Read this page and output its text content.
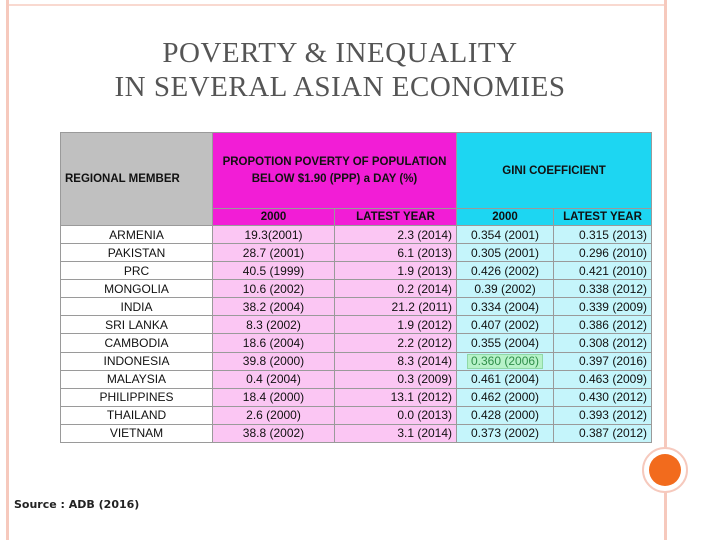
POVERTY & INEQUALITY
IN SEVERAL ASIAN ECONOMIES
REGIONAL MEMBER	PROPOTION POVERTY OF POPULATION
BELOW $1.90 (PPP) a DAY (%)		GINI COEFFICIENT	
	2000	LATEST YEAR	2000	LATEST YEAR
ARMENIA	19.3(2001)	2.3 (2014)	0.354 (2001)	0.315 (2013)
PAKISTAN	28.7 (2001)	6.1 (2013)	0.305 (2001)	0.296 (2010)
PRC	40.5 (1999)	1.9 (2013)	0.426 (2002)	0.421 (2010)
MONGOLIA	10.6 (2002)	0.2 (2014)	0.39 (2002)	0.338 (2012)
INDIA	38.2 (2004)	21.2 (2011)	0.334 (2004)	0.339 (2009)
SRI LANKA	8.3 (2002)	1.9 (2012)	0.407 (2002)	0.386 (2012)
CAMBODIA	18.6 (2004)	2.2 (2012)	0.355 (2004)	0.308 (2012)
INDONESIA	39.8 (2000)	8.3 (2014)	0.360 (2006)	0.397 (2016)
MALAYSIA	0.4 (2004)	0.3 (2009)	0.461 (2004)	0.463 (2009)
PHILIPPINES	18.4 (2000)	13.1 (2012)	0.462 (2000)	0.430 (2012)
THAILAND	2.6 (2000)	0.0 (2013)	0.428 (2000)	0.393 (2012)
VIETNAM	38.8 (2002)	3.1 (2014)	0.373 (2002)	0.387 (2012)
Source : ADB (2016)
